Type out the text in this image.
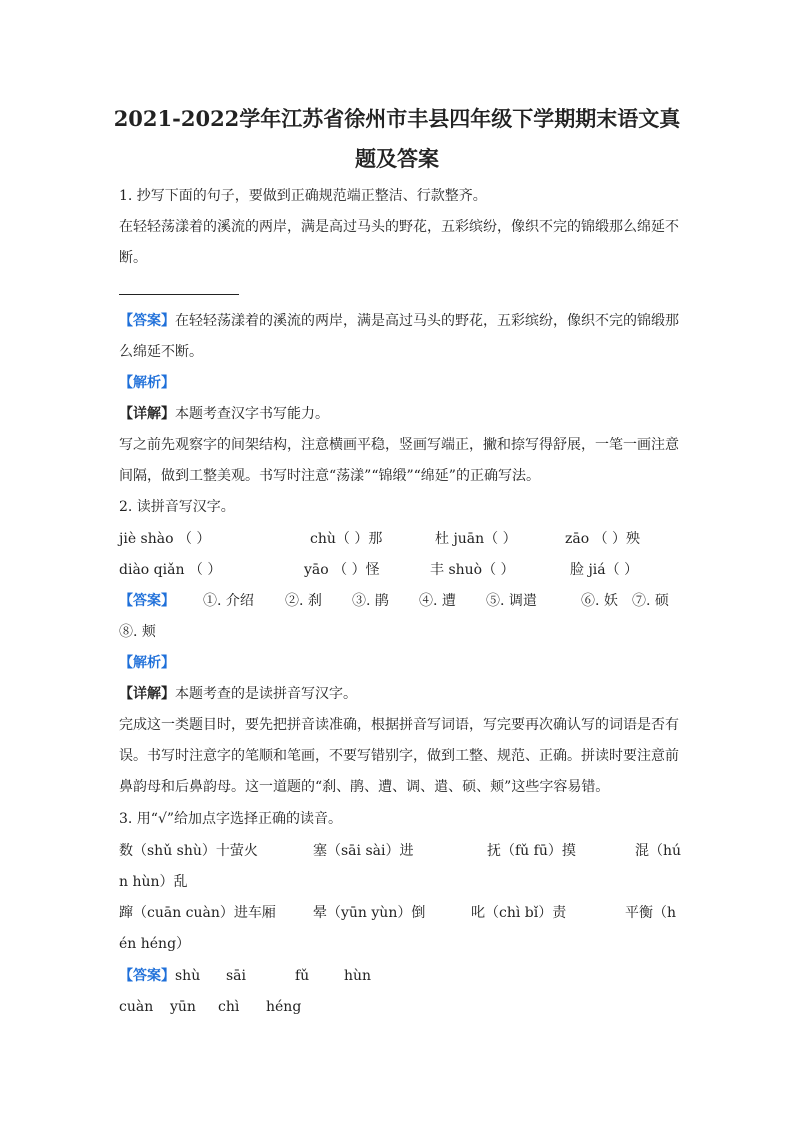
2021-2022学年江苏省徐州市丰县四年级下学期期末语文真
题及答案
1. 抄写下面的句子，要做到正确规范端正整洁、行款整齐。
在轻轻荡漾着的溪流的两岸，满是高过马头的野花，五彩缤纷，像织不完的锦缎那么绵延不
断。
【答案】在轻轻荡漾着的溪流的两岸，满是高过马头的野花，五彩缤纷，像织不完的锦缎那
么绵延不断。
【解析】
【详解】本题考查汉字书写能力。
写之前先观察字的间架结构，注意横画平稳，竖画写端正，撇和捺写得舒展，一笔一画注意
间隔，做到工整美观。书写时注意“荡漾”“锦缎”“绵延”的正确写法。
2. 读拼音写汉字。
jiè shào （ ）	chù（ ）那	杜 juān（ ）	zāo （ ）殃
diào qiǎn （ ）	yāo （ ）怪	丰 shuò（ ）	脸 jiá（ ）
【答案】 ①. 介绍 ②. 刹 ③. 鹃 ④. 遭 ⑤. 调遣	⑥. 妖 ⑦. 硕
⑧. 颊
【解析】
【详解】本题考查的是读拼音写汉字。
完成这一类题目时，要先把拼音读准确，根据拼音写词语，写完要再次确认写的词语是否有
误。书写时注意字的笔顺和笔画，不要写错别字，做到工整、规范、正确。拼读时要注意前
鼻韵母和后鼻韵母。这一道题的“刹、鹃、遭、调、遣、硕、颊”这些字容易错。
3. 用“√”给加点字选择正确的读音。
数（shǔ shù）十萤火	塞（sāi sài）进	抚（fǔ fū）摸	混（hú
n hùn）乱
蹿（cuān cuàn）进车厢	晕（yūn yùn）倒	叱（chì bǐ）责	平衡（h
én héng）
【答案】 shù sāi	fǔ hùn
cuàn yūn chì héng
